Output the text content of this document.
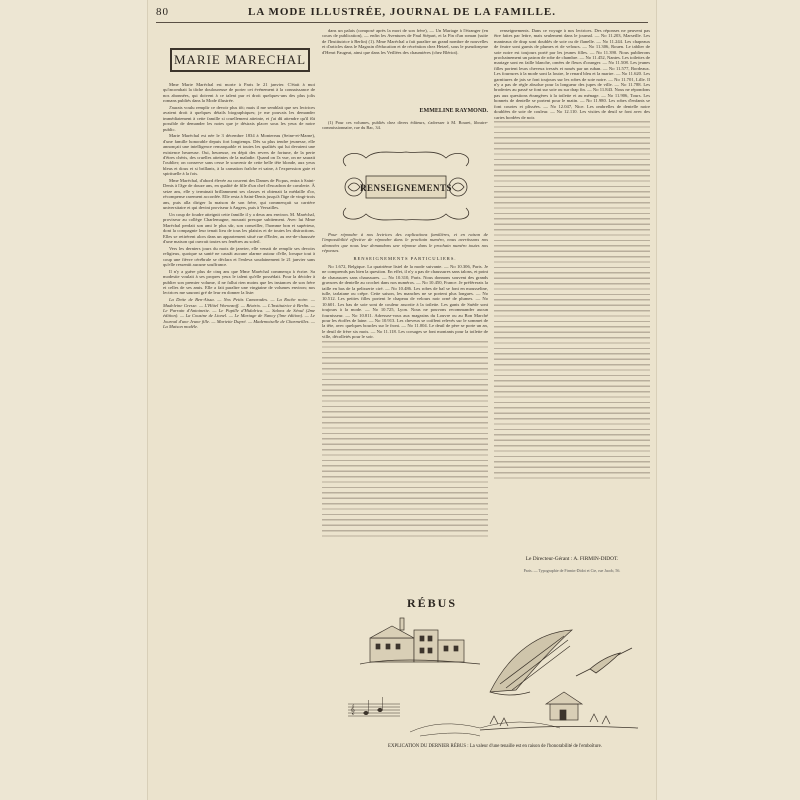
80	LA MODE ILLUSTRÉE, JOURNAL DE LA FAMILLE.
MARIE MARECHAL

Mme Marie Maréchal est morte à Paris le 21 janvier. C'était à moi qu'incombait la tâche douloureuse de porter cet événement à la connaissance de nos abonnées, qui doivent à ce talent pur et droit quelques-uns des plus jolis romans publiés dans la Mode illustrée.

J'aurais voulu remplir ce devoir plus tôt; mais il me semblait que ses lectrices avaient droit à quelques détails biographiques; je me pouvais les demander immédiatement à cette famille si cruellement atteinte, et j'ai dû attendre qu'il fût possible de demander les notes que je désirais placer sous les yeux de notre public.

Marie Maréchal est née le 3 décembre 1834 à Montereau (Seine-et-Marne), d'une famille honorable depuis fort longtemps. Dès sa plus tendre jeunesse, elle annonçait une intelligence remarquable et toutes les qualités qui lui devaient une existence heureuse. Oui, heureuse, en dépit des revers de fortune, de la perte d'êtres chéris, des cruelles atteintes de la maladie. Quand on l'a vue, on ne saurait l'oublier; on conserve sans cesse le souvenir de cette belle tête blonde, aux yeux bleus et doux et si brillants, à la carnation fraîche et saine, à l'expression gaie et spirituelle à la fois.

Mme Maréchal, d'abord élevée au couvent des Dames de Picpus, entra à Saint-Denis à l'âge de douze ans, en qualité de fille d'un chef d'escadron de cavalerie. À seize ans, elle y terminait brillamment ses classes et obtenait la médaille d'or, récompense rarement accordée. Elle resta à Saint-Denis jusqu'à l'âge de vingt-trois ans, puis alla diriger la maison de son frère, qui commençait sa carrière universitaire et qui devint proviseur à Angers, puis à Versailles.

Un coup de foudre atteignit cette famille il y a deux ans environ. M. Maréchal, proviseur au collège Charlemagne, mourait presque subitement. Avec lui Mme Maréchal perdait son ami le plus sûr, son conseiller, l'homme bon et supérieur, dont la compagnie leur tenait lieu de tous les plaisirs et de toutes les distractions. Elles se retirèrent alors dans un appartement situé rue d'Enfer, au rez-de-chaussée d'une maison qui ouvrait toutes ses fenêtres au soleil.

Vers les derniers jours du mois de janvier, elle venait de remplir ses devoirs religieux, quoique sa santé ne causât aucune alarme autour d'elle, lorsque tout à coup une fièvre cérébrale se déclara et l'enleva soudainement le 21 janvier sans qu'elle ressentit aucune souffrance.

Il n'y a guère plus de cinq ans que Mme Maréchal commença à écrire. Sa modestie voulait à ses propres yeux le talent qu'elle possédait. Pour la décider à publier son premier volume, il ne fallut rien moins que les instances de son frère et celles de ses amis. Elle a fait paraître une vingtaine de volumes environ; nos lectrices me sauront gré de leur en donner la liste:

La Dette de Ben-Aïssa. — Nos Petits Camarades. — La Roche noire. — Madeleine Gresse. — L'Hôtel Woronzoff. — Béatrix. — L'Institutrice à Berlin. — Le Parrain d'Antoinette. — Le Pupille d'Hidalrica. — Salons de Séoul (2me édition). — La Cousine de Lionel. — Le Mariage de Nancy (3me édition). — Le Journal d'une Jeune fille. — Mariette Dupré. — Mademoiselle de Charmeilles. — La Maison modèle.

dans un palais (composé après la mort de son frère), — Un Mariage à l'étranger (en cours de publication), — enfin les Aventures de Paul Stépart, et la Fin d'un roman (suite de l'Institutrice à Berlin) (1). Mme Maréchal a fait paraître un grand nombre de nouvelles et d'articles dans le Magasin d'éducation et de récréation chez Hetzel, sous le pseudonyme d'Henri Faugeat, ainsi que dans les Veillées des chaumières (chez Blériot).

EMMELINE RAYMOND.

(1) Pour ces volumes, publiés chez divers éditeurs, s'adresser à M. Bouret, libraire-commissionnaire, rue du Bac, 34.

RENSEIGNEMENTS

Pour répondre à nos lectrices des explications familières, et en raison de l'impossibilité effective de répondre dans le prochain numéro, nous avertissons nos abonnées que nous leur demandons une réponse dans le prochain numéro toutes nos réponses.

RENSEIGNEMENTS PARTICULIERS.

No 1.672, Belgique. La quatrième listel de la mode suivante. — No 10.306, Paris. Je ne comprends pas bien la question. En effet, il n'y a pas de chaussures sans talons, et point de chaussures sans chaussures. — No 10.310, Paris. Nous donnons souvent des grands gravures de dentelle au crochet dans nos numéros. — No 10.450, France. Je préfèrerais la taille en bas de la pelisserie ciré. — No 10.486. Les robes de bal se font en mousseline, tulle, tarlatane ou crêpe. Cette saison, les manches ne se portent plus longues. — No 10.512. Les petites filles portent le chapeau de velours noir orné de plumes. — No 10.601. Les bas de soie sont de couleur assortie à la toilette. Les gants de Suède sont toujours à la mode. — No 10.725, Lyon. Nous ne pouvons recommander aucun fournisseur. — No 10.811. Adressez-vous aux magasins du Louvre ou au Bon Marché pour les étoffes de laine. — No 10.913. Les cheveux se coiffent relevés sur le sommet de la tête, avec quelques boucles sur le front. — No 11.004. Le deuil de père se porte un an, le deuil de frère six mois. — No 11.118. Les corsages se font montants pour la toilette de ville, décolletés pour le soir.

renseignements. Dans ce voyage à nos lectrices. Des réponses ne peuvent pas être faites par lettre, mais seulement dans le journal. — No 11.203, Marseille. Les manteaux de drap sont doublés de soie ou de flanelle. — No 11.244. Les chapeaux de feutre sont garnis de plumes et de velours. — No 11.306, Rouen. Le tablier de soie noire est toujours porté par les jeunes filles. — No 11.390. Nous publierons prochainement un patron de robe de chambre. — No 11.452, Nantes. Les toilettes de mariage sont en faille blanche, ornées de fleurs d'oranger. — No 11.508. Les jeunes filles portent leurs cheveux tressés et noués par un ruban. — No 11.577, Bordeaux. Les fourrures à la mode sont la loutre, le renard bleu et la martre. — No 11.620. Les garnitures de jais se font toujours sur les robes de soie noire. — No 11.701, Lille. Il n'y a pas de règle absolue pour la longueur des jupes de ville. — No 11.788. Les broderies au passé se font sur soie ou sur drap fin. — No 11.843. Nous ne répondons pas aux questions étrangères à la toilette et au ménage. — No 11.906, Tours. Les bonnets de dentelle se portent pour le matin. — No 11.980. Les robes d'enfants se font courtes et plissées. — No 12.047, Nice. Les ombrelles de dentelle noire doublées de soie de couleur. — No 12.110. Les visites de deuil se font avec des cartes bordées de noir.

Le Directeur-Gérant : A. FIRMIN-DIDOT.
Paris. — Typographie de Firmin-Didot et Cie, rue Jacob, 56.
RÉBUS
𝄞
EXPLICATION DU DERNIER RÉBUS : La valeur d'une tenaille est en raison de l'honorabilité de l'emboîture.
